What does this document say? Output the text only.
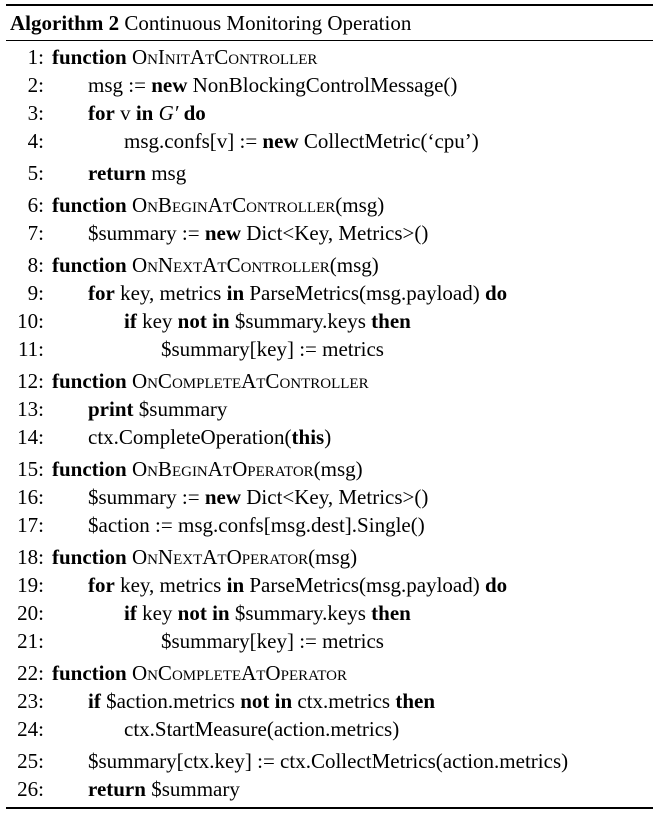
Algorithm 2 Continuous Monitoring Operation
1: function OnInitAtController
2: msg := new NonBlockingControlMessage()
3: for v in G′ do
4:	msg.confs[v] := new CollectMetric(‘cpu’)
5: return msg
6: function OnBeginAtController(msg)
7: $summary := new Dict<Key, Metrics>()
8: function OnNextAtController(msg)
9: for key, metrics in ParseMetrics(msg.payload) do
10:	if key not in $summary.keys then
11:	$summary[key] := metrics
12: function OnCompleteAtController
13: print $summary
14: ctx.CompleteOperation(this)
15: function OnBeginAtOperator(msg)
16: $summary := new Dict<Key, Metrics>()
17: $action := msg.confs[msg.dest].Single()
18: function OnNextAtOperator(msg)
19: for key, metrics in ParseMetrics(msg.payload) do
20:	if key not in $summary.keys then
21:	$summary[key] := metrics
22: function OnCompleteAtOperator
23: if $action.metrics not in ctx.metrics then
24:	ctx.StartMeasure(action.metrics)
25: $summary[ctx.key] := ctx.CollectMetrics(action.metrics)
26: return $summary
